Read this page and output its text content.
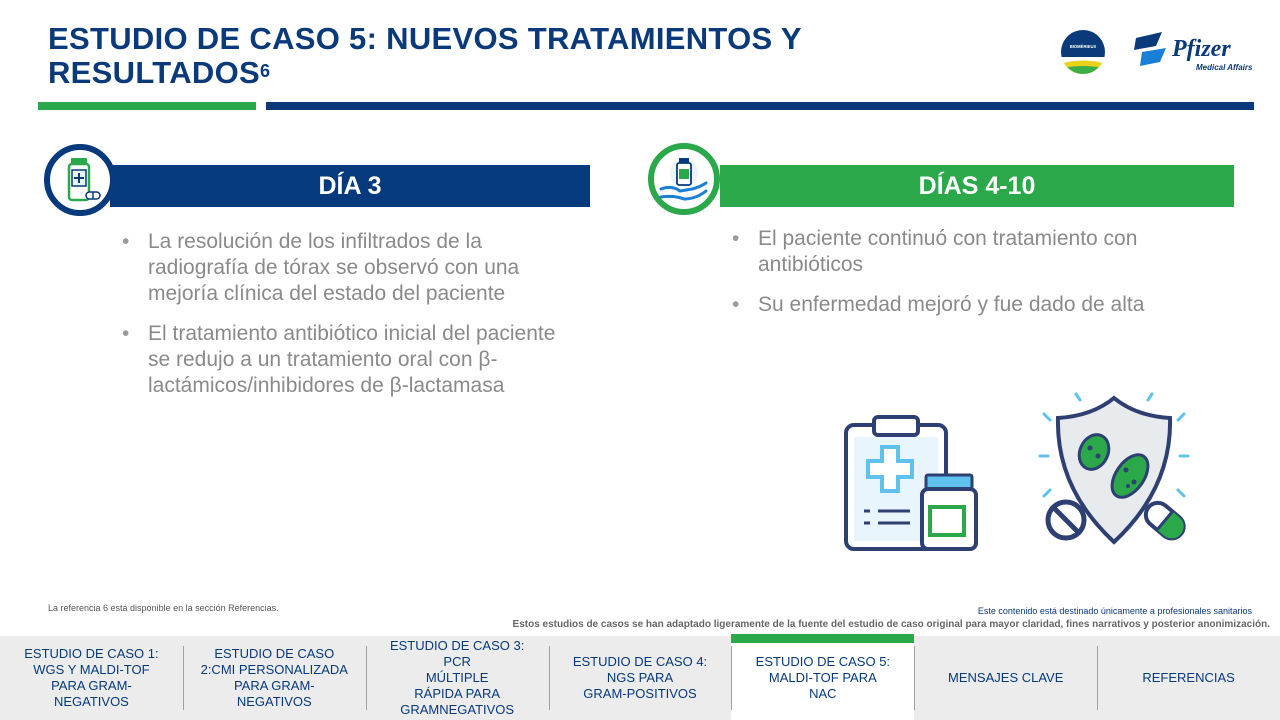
ESTUDIO DE CASO 5: NUEVOS TRATAMIENTOS Y RESULTADOS$^6$
BIOMÉRIEUX	Pfizer
Medical Affairs
DÍA 3
• La resolución de los infiltrados de la radiografía de tórax se observó con una mejoría clínica del estado del paciente
• El tratamiento antibiótico inicial del paciente se redujo a un tratamiento oral con β-lactámicos/inhibidores de β-lactamasa
DÍAS 4-10
• El paciente continuó con tratamiento con antibióticos
• Su enfermedad mejoró y fue dado de alta
La referencia 6 está disponible en la sección Referencias.	Este contenido está destinado únicamente a profesionales sanitarios
Estos estudios de casos se han adaptado ligeramente de la fuente del estudio de caso original para mayor claridad, fines narrativos y posterior anonimización.
ESTUDIO DE CASO 1:
WGS Y MALDI-TOF
PARA GRAM-
NEGATIVOS
ESTUDIO DE CASO
2:CMI PERSONALIZADA
PARA GRAM-
NEGATIVOS
ESTUDIO DE CASO 3: PCR
MÚLTIPLE
RÁPIDA PARA
GRAMNEGATIVOS
ESTUDIO DE CASO 4:
NGS PARA
GRAM-POSITIVOS
ESTUDIO DE CASO 5:
MALDI-TOF PARA
NAC
MENSAJES CLAVE	REFERENCIAS
